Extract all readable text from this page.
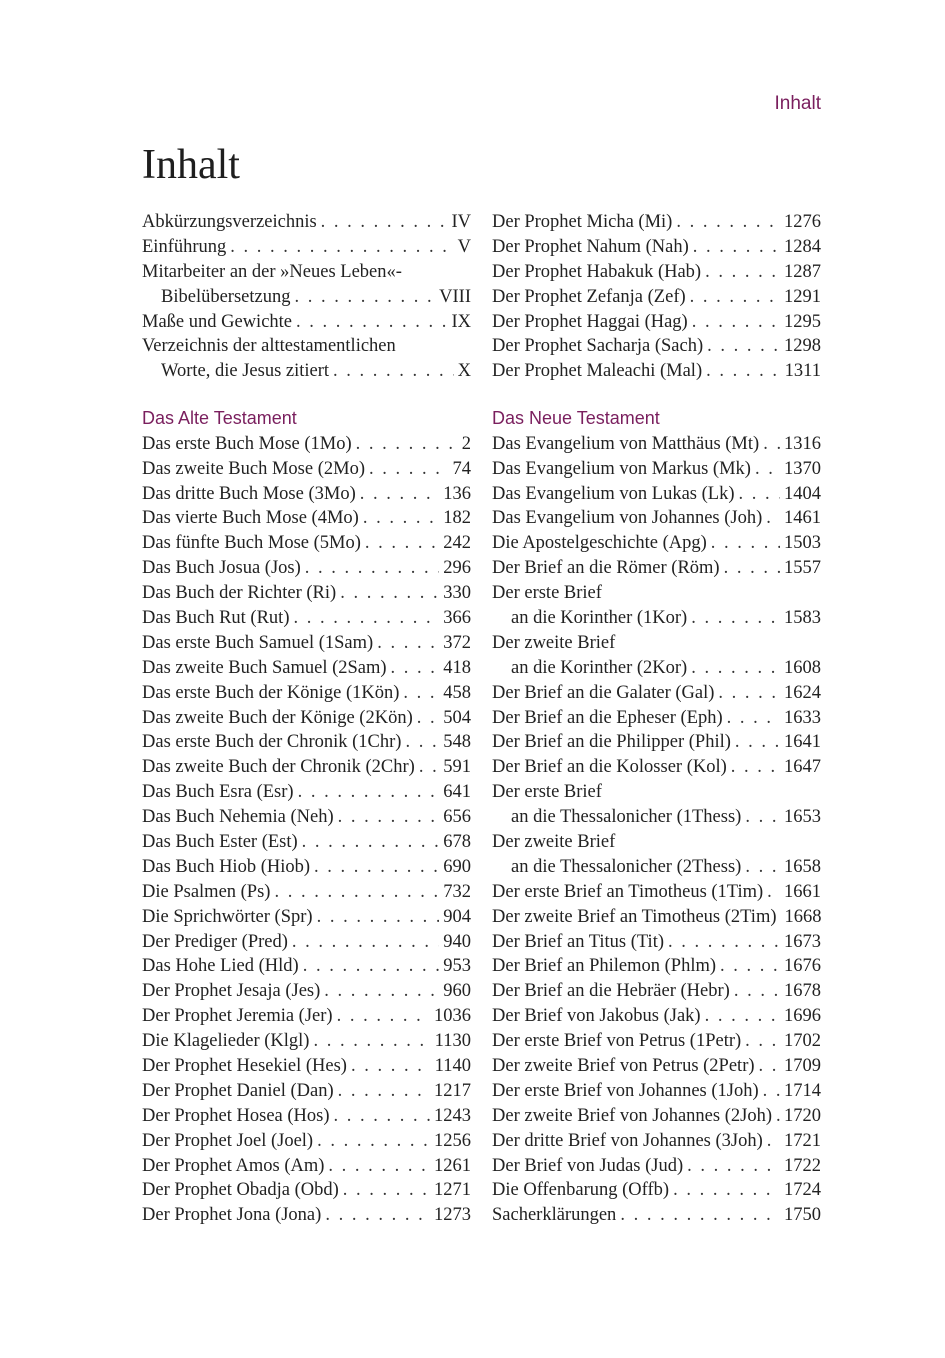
Inhalt
Inhalt
Abkürzungsverzeichnis . . .	IV
Einführung . . .	V
Mitarbeiter an der »Neues Leben«-
Bibelübersetzung . . .	VIII
Maße und Gewichte . . .	IX
Verzeichnis der alttestamentlichen
Worte, die Jesus zitiert . . .	X
Das Alte Testament
Das erste Buch Mose (1Mo) . . .	2
Das zweite Buch Mose (2Mo) . . .	74
Das dritte Buch Mose (3Mo) . . .	136
Das vierte Buch Mose (4Mo) . . .	182
Das fünfte Buch Mose (5Mo) . . .	242
Das Buch Josua (Jos) . . .	296
Das Buch der Richter (Ri) . . .	330
Das Buch Rut (Rut) . . .	366
Das erste Buch Samuel (1Sam) . . .	372
Das zweite Buch Samuel (2Sam) . . .	418
Das erste Buch der Könige (1Kön) . . . 458
Das zweite Buch der Könige (2Kön) . . . 504
Das erste Buch der Chronik (1Chr) . . . 548
Das zweite Buch der Chronik (2Chr) . . . 591
Das Buch Esra (Esr) . . .	641
Das Buch Nehemia (Neh) . . .	656
Das Buch Ester (Est) . . .	678
Das Buch Hiob (Hiob) . . .	690
Die Psalmen (Ps) . . .	732
Die Sprichwörter (Spr) . . .	904
Der Prediger (Pred) . . .	940
Das Hohe Lied (Hld) . . .	953
Der Prophet Jesaja (Jes) . . .	960
Der Prophet Jeremia (Jer) . . .	1036
Die Klagelieder (Klgl) . . .	1130
Der Prophet Hesekiel (Hes) . . .	1140
Der Prophet Daniel (Dan) . . .	1217
Der Prophet Hosea (Hos) . . .	1243
Der Prophet Joel (Joel) . . .	1256
Der Prophet Amos (Am) . . .	1261
Der Prophet Obadja (Obd) . . .	1271
Der Prophet Jona (Jona) . . .	1273
Der Prophet Micha (Mi) . . .	1276
Der Prophet Nahum (Nah) . . .	1284
Der Prophet Habakuk (Hab) . . .	1287
Der Prophet Zefanja (Zef) . . .	1291
Der Prophet Haggai (Hag) . . .	1295
Der Prophet Sacharja (Sach) . . .	1298
Der Prophet Maleachi (Mal) . . .	1311
Das Neue Testament
Das Evangelium von Matthäus (Mt) . . . 1316
Das Evangelium von Markus (Mk) . . . 1370
Das Evangelium von Lukas (Lk) . . .	1404
Das Evangelium von Johannes (Joh) . . . 1461
Die Apostelgeschichte (Apg) . . .	1503
Der Brief an die Römer (Röm) . . .	1557
Der erste Brief
an die Korinther (1Kor) . . .	1583
Der zweite Brief
an die Korinther (2Kor) . . .	1608
Der Brief an die Galater (Gal) . . .	1624
Der Brief an die Epheser (Eph) . . .	1633
Der Brief an die Philipper (Phil) . . .	1641
Der Brief an die Kolosser (Kol) . . .	1647
Der erste Brief
an die Thessalonicher (1Thess) . . . 1653
Der zweite Brief
an die Thessalonicher (2Thess) . . . 1658
Der erste Brief an Timotheus (1Tim) . . . 1661
Der zweite Brief an Timotheus (2Tim) 1668
Der Brief an Titus (Tit) . . .	1673
Der Brief an Philemon (Phlm) . . .	1676
Der Brief an die Hebräer (Hebr) . . .	1678
Der Brief von Jakobus (Jak) . . .	1696
Der erste Brief von Petrus (1Petr) . . . 1702
Der zweite Brief von Petrus (2Petr) . . . 1709
Der erste Brief von Johannes (1Joh) . . . 1714
Der zweite Brief von Johannes (2Joh) . . . 1720
Der dritte Brief von Johannes (3Joh) . . . 1721
Der Brief von Judas (Jud) . . .	1722
Die Offenbarung (Offb) . . .	1724
Sacherklärungen . . .	1750
